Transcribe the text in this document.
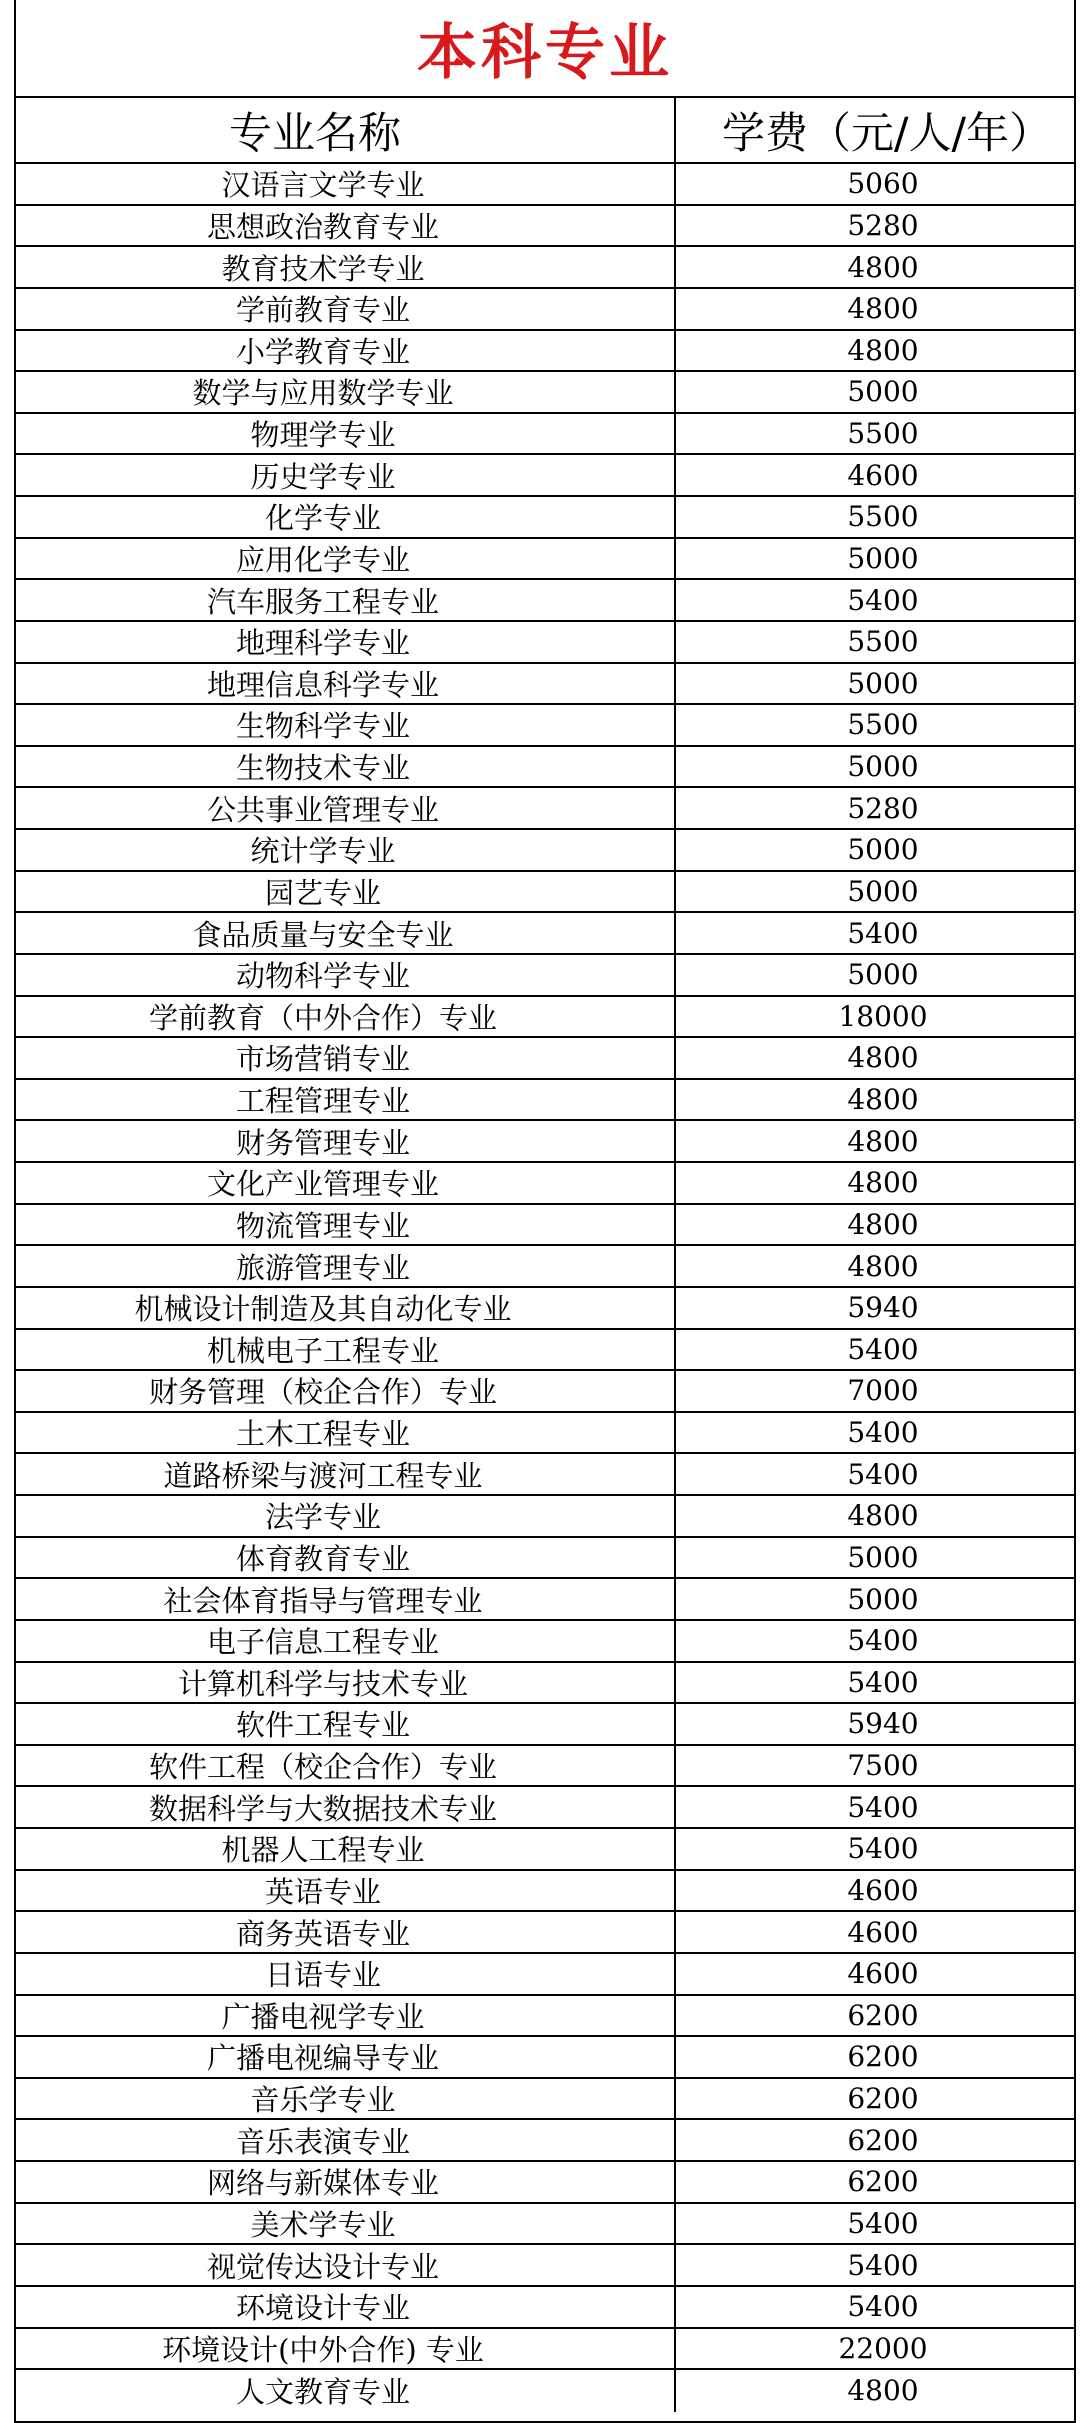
本科专业
专业名称	学费（元/人/年）
汉语言文学专业	5060
思想政治教育专业	5280
教育技术学专业	4800
学前教育专业	4800
小学教育专业	4800
数学与应用数学专业	5000
物理学专业	5500
历史学专业	4600
化学专业	5500
应用化学专业	5000
汽车服务工程专业	5400
地理科学专业	5500
地理信息科学专业	5000
生物科学专业	5500
生物技术专业	5000
公共事业管理专业	5280
统计学专业	5000
园艺专业	5000
食品质量与安全专业	5400
动物科学专业	5000
学前教育（中外合作）专业	18000
市场营销专业	4800
工程管理专业	4800
财务管理专业	4800
文化产业管理专业	4800
物流管理专业	4800
旅游管理专业	4800
机械设计制造及其自动化专业	5940
机械电子工程专业	5400
财务管理（校企合作）专业	7000
土木工程专业	5400
道路桥梁与渡河工程专业	5400
法学专业	4800
体育教育专业	5000
社会体育指导与管理专业	5000
电子信息工程专业	5400
计算机科学与技术专业	5400
软件工程专业	5940
软件工程（校企合作）专业	7500
数据科学与大数据技术专业	5400
机器人工程专业	5400
英语专业	4600
商务英语专业	4600
日语专业	4600
广播电视学专业	6200
广播电视编导专业	6200
音乐学专业	6200
音乐表演专业	6200
网络与新媒体专业	6200
美术学专业	5400
视觉传达设计专业	5400
环境设计专业	5400
环境设计(中外合作) 专业	22000
人文教育专业	4800
